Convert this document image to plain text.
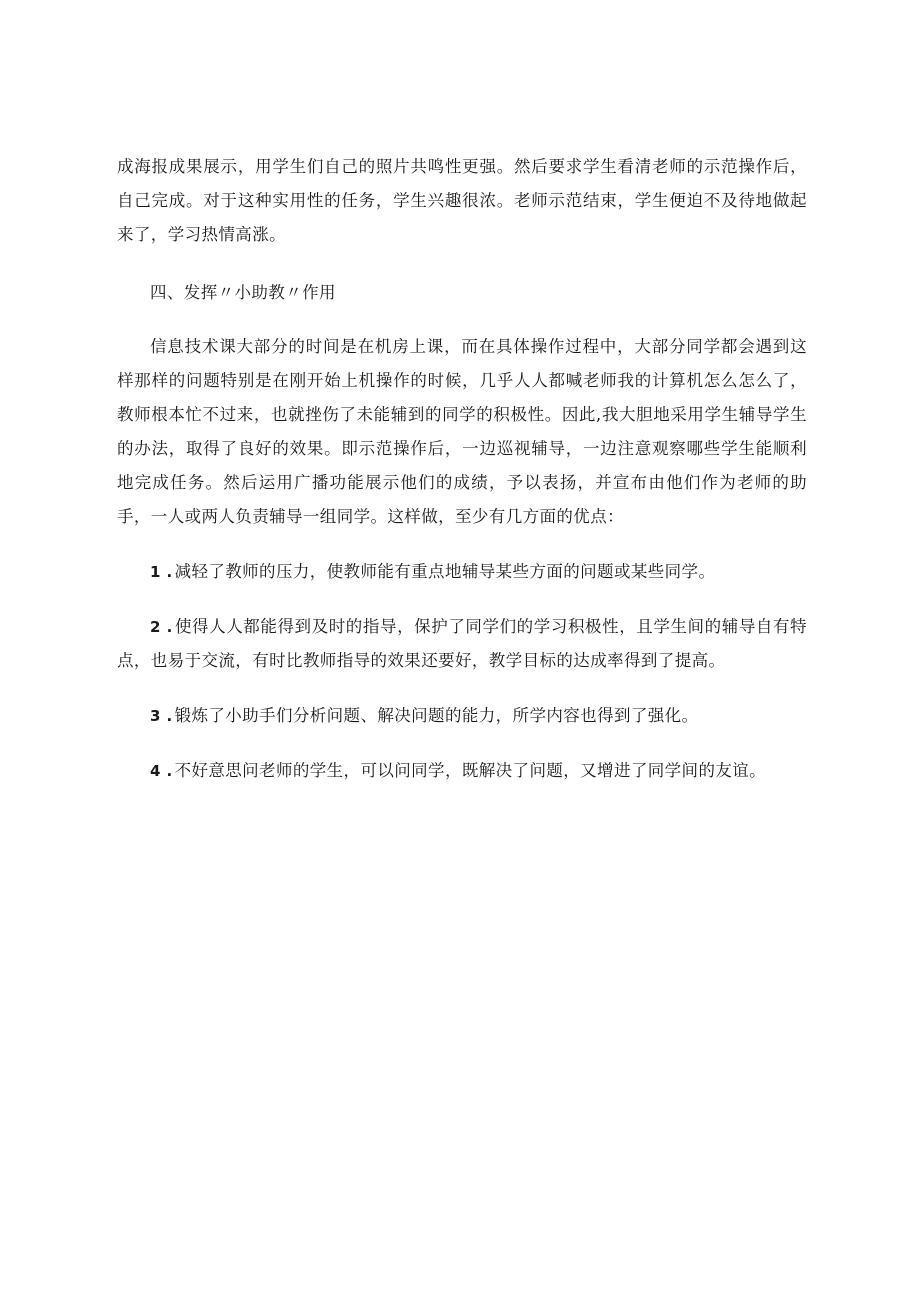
成海报成果展示，用学生们自己的照片共鸣性更强。然后要求学生看清老师的示范操作后，自己完成。对于这种实用性的任务，学生兴趣很浓。老师示范结束，学生便迫不及待地做起来了，学习热情高涨。

四、发挥〃小助教〃作用

信息技术课大部分的时间是在机房上课，而在具体操作过程中，大部分同学都会遇到这样那样的问题特别是在刚开始上机操作的时候，几乎人人都喊老师我的计算机怎么怎么了，教师根本忙不过来，也就挫伤了未能辅到的同学的积极性。因此,我大胆地采用学生辅导学生的办法，取得了良好的效果。即示范操作后，一边巡视辅导，一边注意观察哪些学生能顺利地完成任务。然后运用广播功能展示他们的成绩，予以表扬，并宣布由他们作为老师的助手，一人或两人负责辅导一组同学。这样做，至少有几方面的优点：

1 . 减轻了教师的压力，使教师能有重点地辅导某些方面的问题或某些同学。

2 . 使得人人都能得到及时的指导，保护了同学们的学习积极性，且学生间的辅导自有特点，也易于交流，有时比教师指导的效果还要好，教学目标的达成率得到了提高。

3 . 锻炼了小助手们分析问题、解决问题的能力，所学内容也得到了强化。

4 . 不好意思问老师的学生，可以问同学，既解决了问题，又增进了同学间的友谊。
